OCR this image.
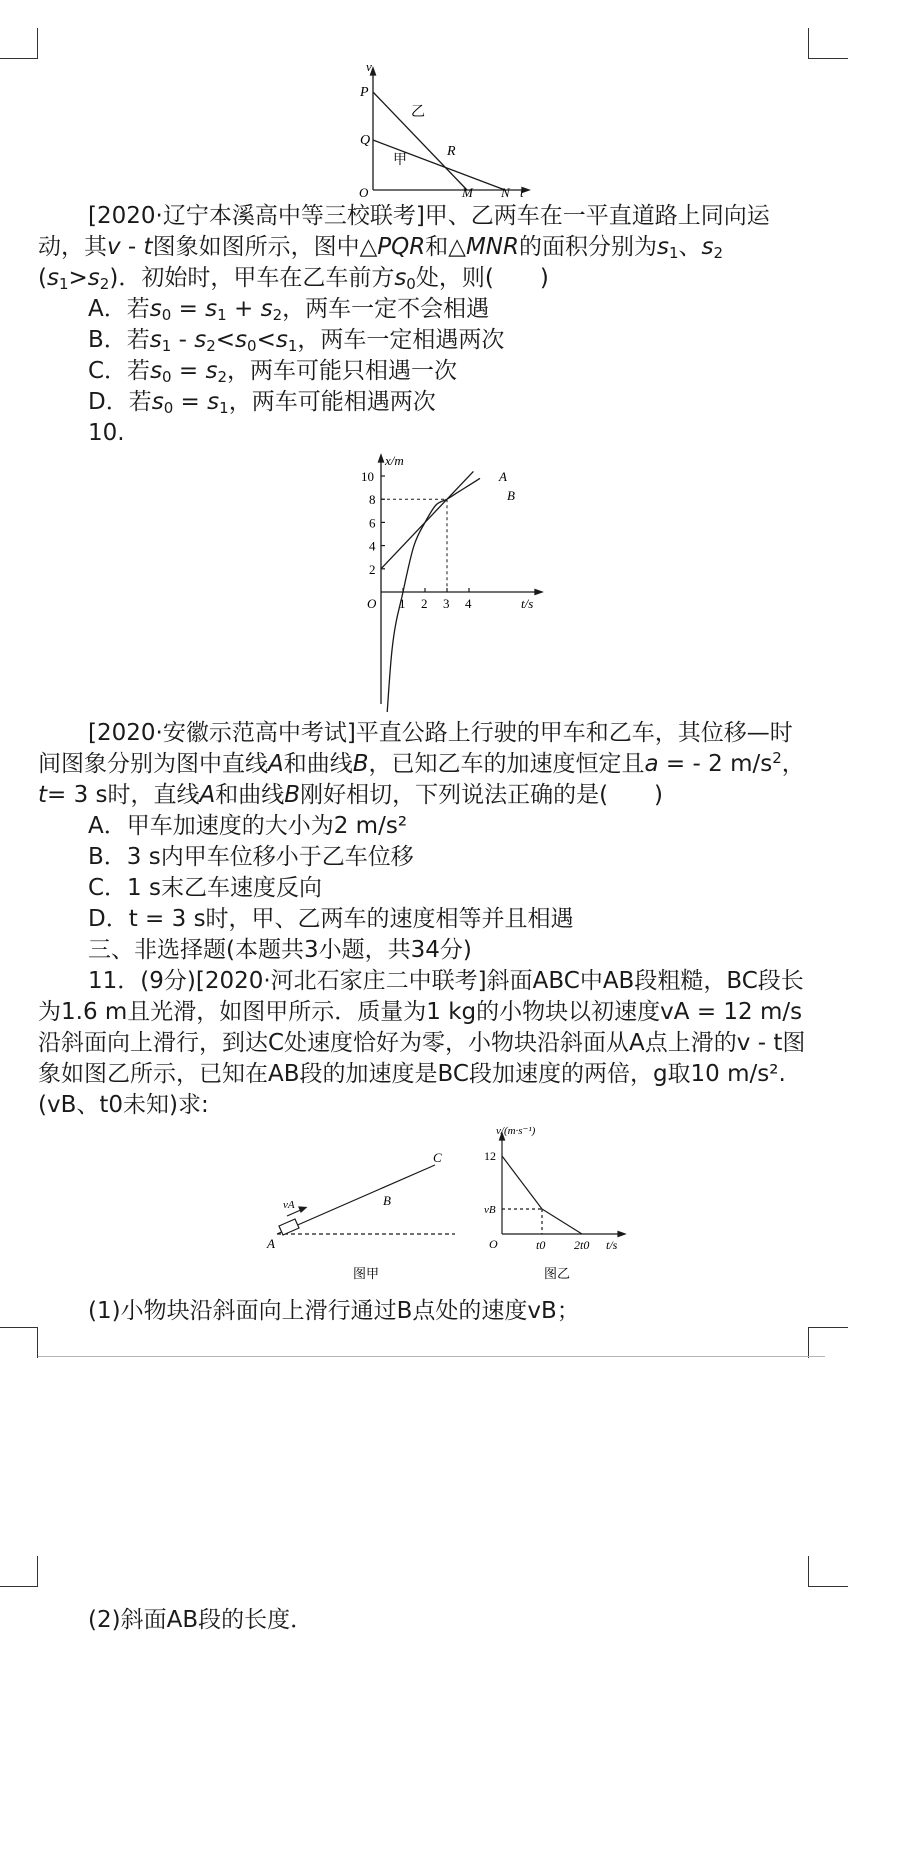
v
P
Q
R
M N t
O
乙
甲

[2020·辽宁本溪高中等三校联考]甲、乙两车在一平直道路上同向运动，其v - t图象如图所示，图中△PQR和△MNR的面积分别为$s_1$、$s_2$ $(s_1>s_2)$．初始时，甲车在乙车前方$s_0$处，则(　　)

A．若$s_0 = s_1 + s_2$，两车一定不会相遇
B．若$s_1 - s_2<s_0<s_1$，两车一定相遇两次
C．若$s_0 = s_2$，两车可能只相遇一次
D．若$s_0 = s_1$，两车可能相遇两次
10.
x/m
t/s
O
A
B
1 2 3 4
2
4
6
8
10

[2020·安徽示范高中考试]平直公路上行驶的甲车和乙车，其位移—时间图象分别为图中直线A和曲线B，已知乙车的加速度恒定且a = - 2 $m/s^2$，t= 3 s时，直线A和曲线B刚好相切，下列说法正确的是(　　)

A．甲车加速度的大小为2 m/s²
B．3 s内甲车位移小于乙车位移
C．1 s末乙车速度反向
D．t = 3 s时，甲、乙两车的速度相等并且相遇
三、非选择题(本题共3小题，共34分)

11．(9分)[2020·河北石家庄二中联考]斜面ABC中AB段粗糙，BC段长为1.6 m且光滑，如图甲所示．质量为1 kg的小物块以初速度vA = 12 m/s沿斜面向上滑行，到达C处速度恰好为零，小物块沿斜面从A点上滑的v - t图象如图乙所示，已知在AB段的加速度是BC段加速度的两倍，g取10 m/s².(vB、t0未知)求:

A
B
C
vA
图甲
v/(m·s⁻¹)
12
vB
O	t0 2t0 t/s
图乙
(1)小物块沿斜面向上滑行通过B点处的速度vB；
(2)斜面AB段的长度．
